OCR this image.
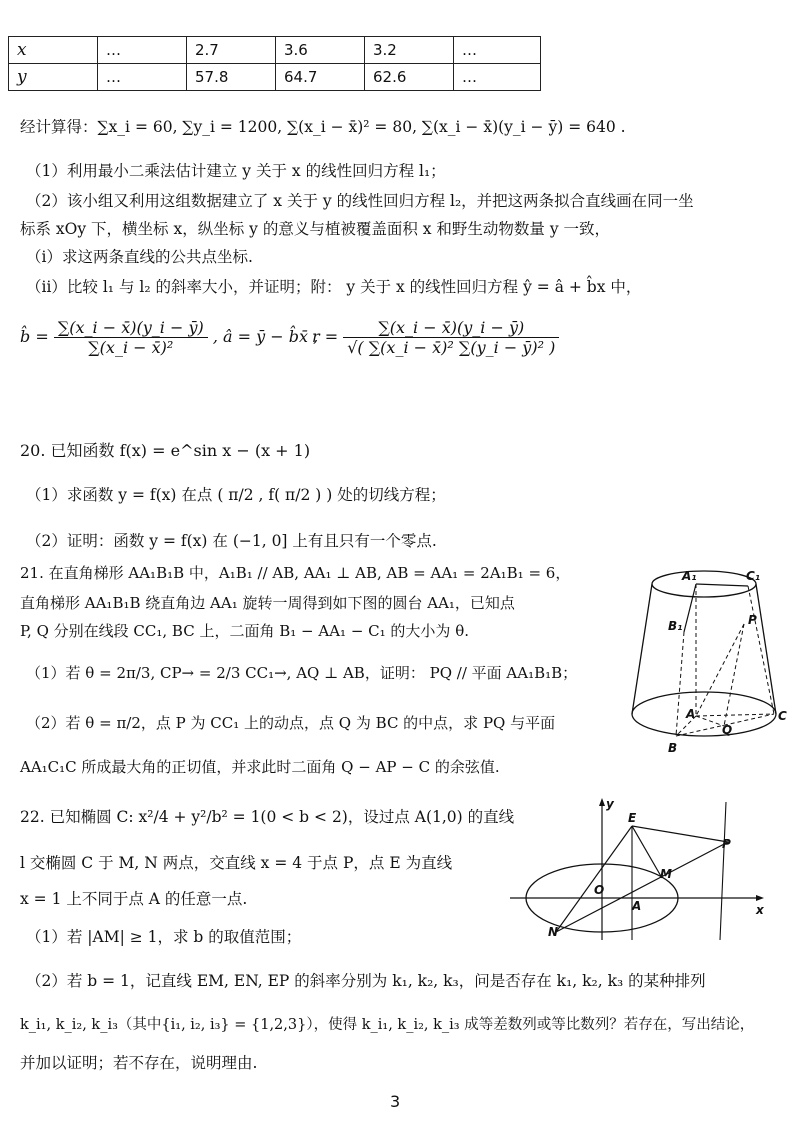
x	…	2.7	3.6	3.2	…
y	…	57.8	64.7	62.6	…
经计算得：∑x_i = 60, ∑y_i = 1200, ∑(x_i − x̄)² = 80, ∑(x_i − x̄)(y_i − ȳ) = 640 .
（1）利用最小二乘法估计建立 y 关于 x 的线性回归方程 l₁；
（2）该小组又利用这组数据建立了 x 关于 y 的线性回归方程 l₂，并把这两条拟合直线画在同一坐
标系 xOy 下，横坐标 x，纵坐标 y 的意义与植被覆盖面积 x 和野生动物数量 y 一致，
（ⅰ）求这两条直线的公共点坐标.
（ⅱ）比较 l₁ 与 l₂ 的斜率大小，并证明；附： y 关于 x 的线性回归方程 ŷ = â + b̂x 中，
b̂ = $\frac{\sum(x\_i - x̄)(y\_i - ȳ)}{\text{∑(x\_i − x̄)²}}$ , â = ȳ − b̂x̄ ,
$r = \frac{\sum(x\_i - x̄)(y\_i - ȳ)}{\text{√( ∑(x\_i − x̄)² ∑(y\_i − ȳ)² )}}$
20. 已知函数 f(x) = e^sin x − (x + 1)
（1）求函数 y = f(x) 在点 ( π/2 , f( π/2 ) ) 处的切线方程；
（2）证明：函数 y = f(x) 在 (−1, 0] 上有且只有一个零点.
21. 在直角梯形 AA₁B₁B 中，A₁B₁ // AB, AA₁ ⊥ AB, AB = AA₁ = 2A₁B₁ = 6，
直角梯形 AA₁B₁B 绕直角边 AA₁ 旋转一周得到如下图的圆台 AA₁，已知点
P, Q 分别在线段 CC₁, BC 上，二面角 B₁ − AA₁ − C₁ 的大小为 θ.
（1）若 θ = 2π/3, CP→ = 2/3 CC₁→, AQ ⊥ AB，证明： PQ // 平面 AA₁B₁B；
（2）若 θ = π/2，点 P 为 CC₁ 上的动点，点 Q 为 BC 的中点，求 PQ 与平面
AA₁C₁C 所成最大角的正切值，并求此时二面角 Q − AP − C 的余弦值.
A₁	C₁
B₁	P
A	C
Q
B
22. 已知椭圆 C: x²/4 + y²/b² = 1(0 < b < 2)，设过点 A(1,0) 的直线
l 交椭圆 C 于 M, N 两点，交直线 x = 4 于点 P，点 E 为直线
x = 1 上不同于点 A 的任意一点.
（1）若 |AM| ≥ 1，求 b 的取值范围；
（2）若 b = 1，记直线 EM, EN, EP 的斜率分别为 k₁, k₂, k₃，问是否存在 k₁, k₂, k₃ 的某种排列
k_i₁, k_i₂, k_i₃（其中{i₁, i₂, i₃} = {1,2,3}），使得 k_i₁, k_i₂, k_i₃ 成等差数列或等比数列？若存在，写出结论，
并加以证明；若不存在，说明理由.
y
x
E
P
M
O
A
N
3
